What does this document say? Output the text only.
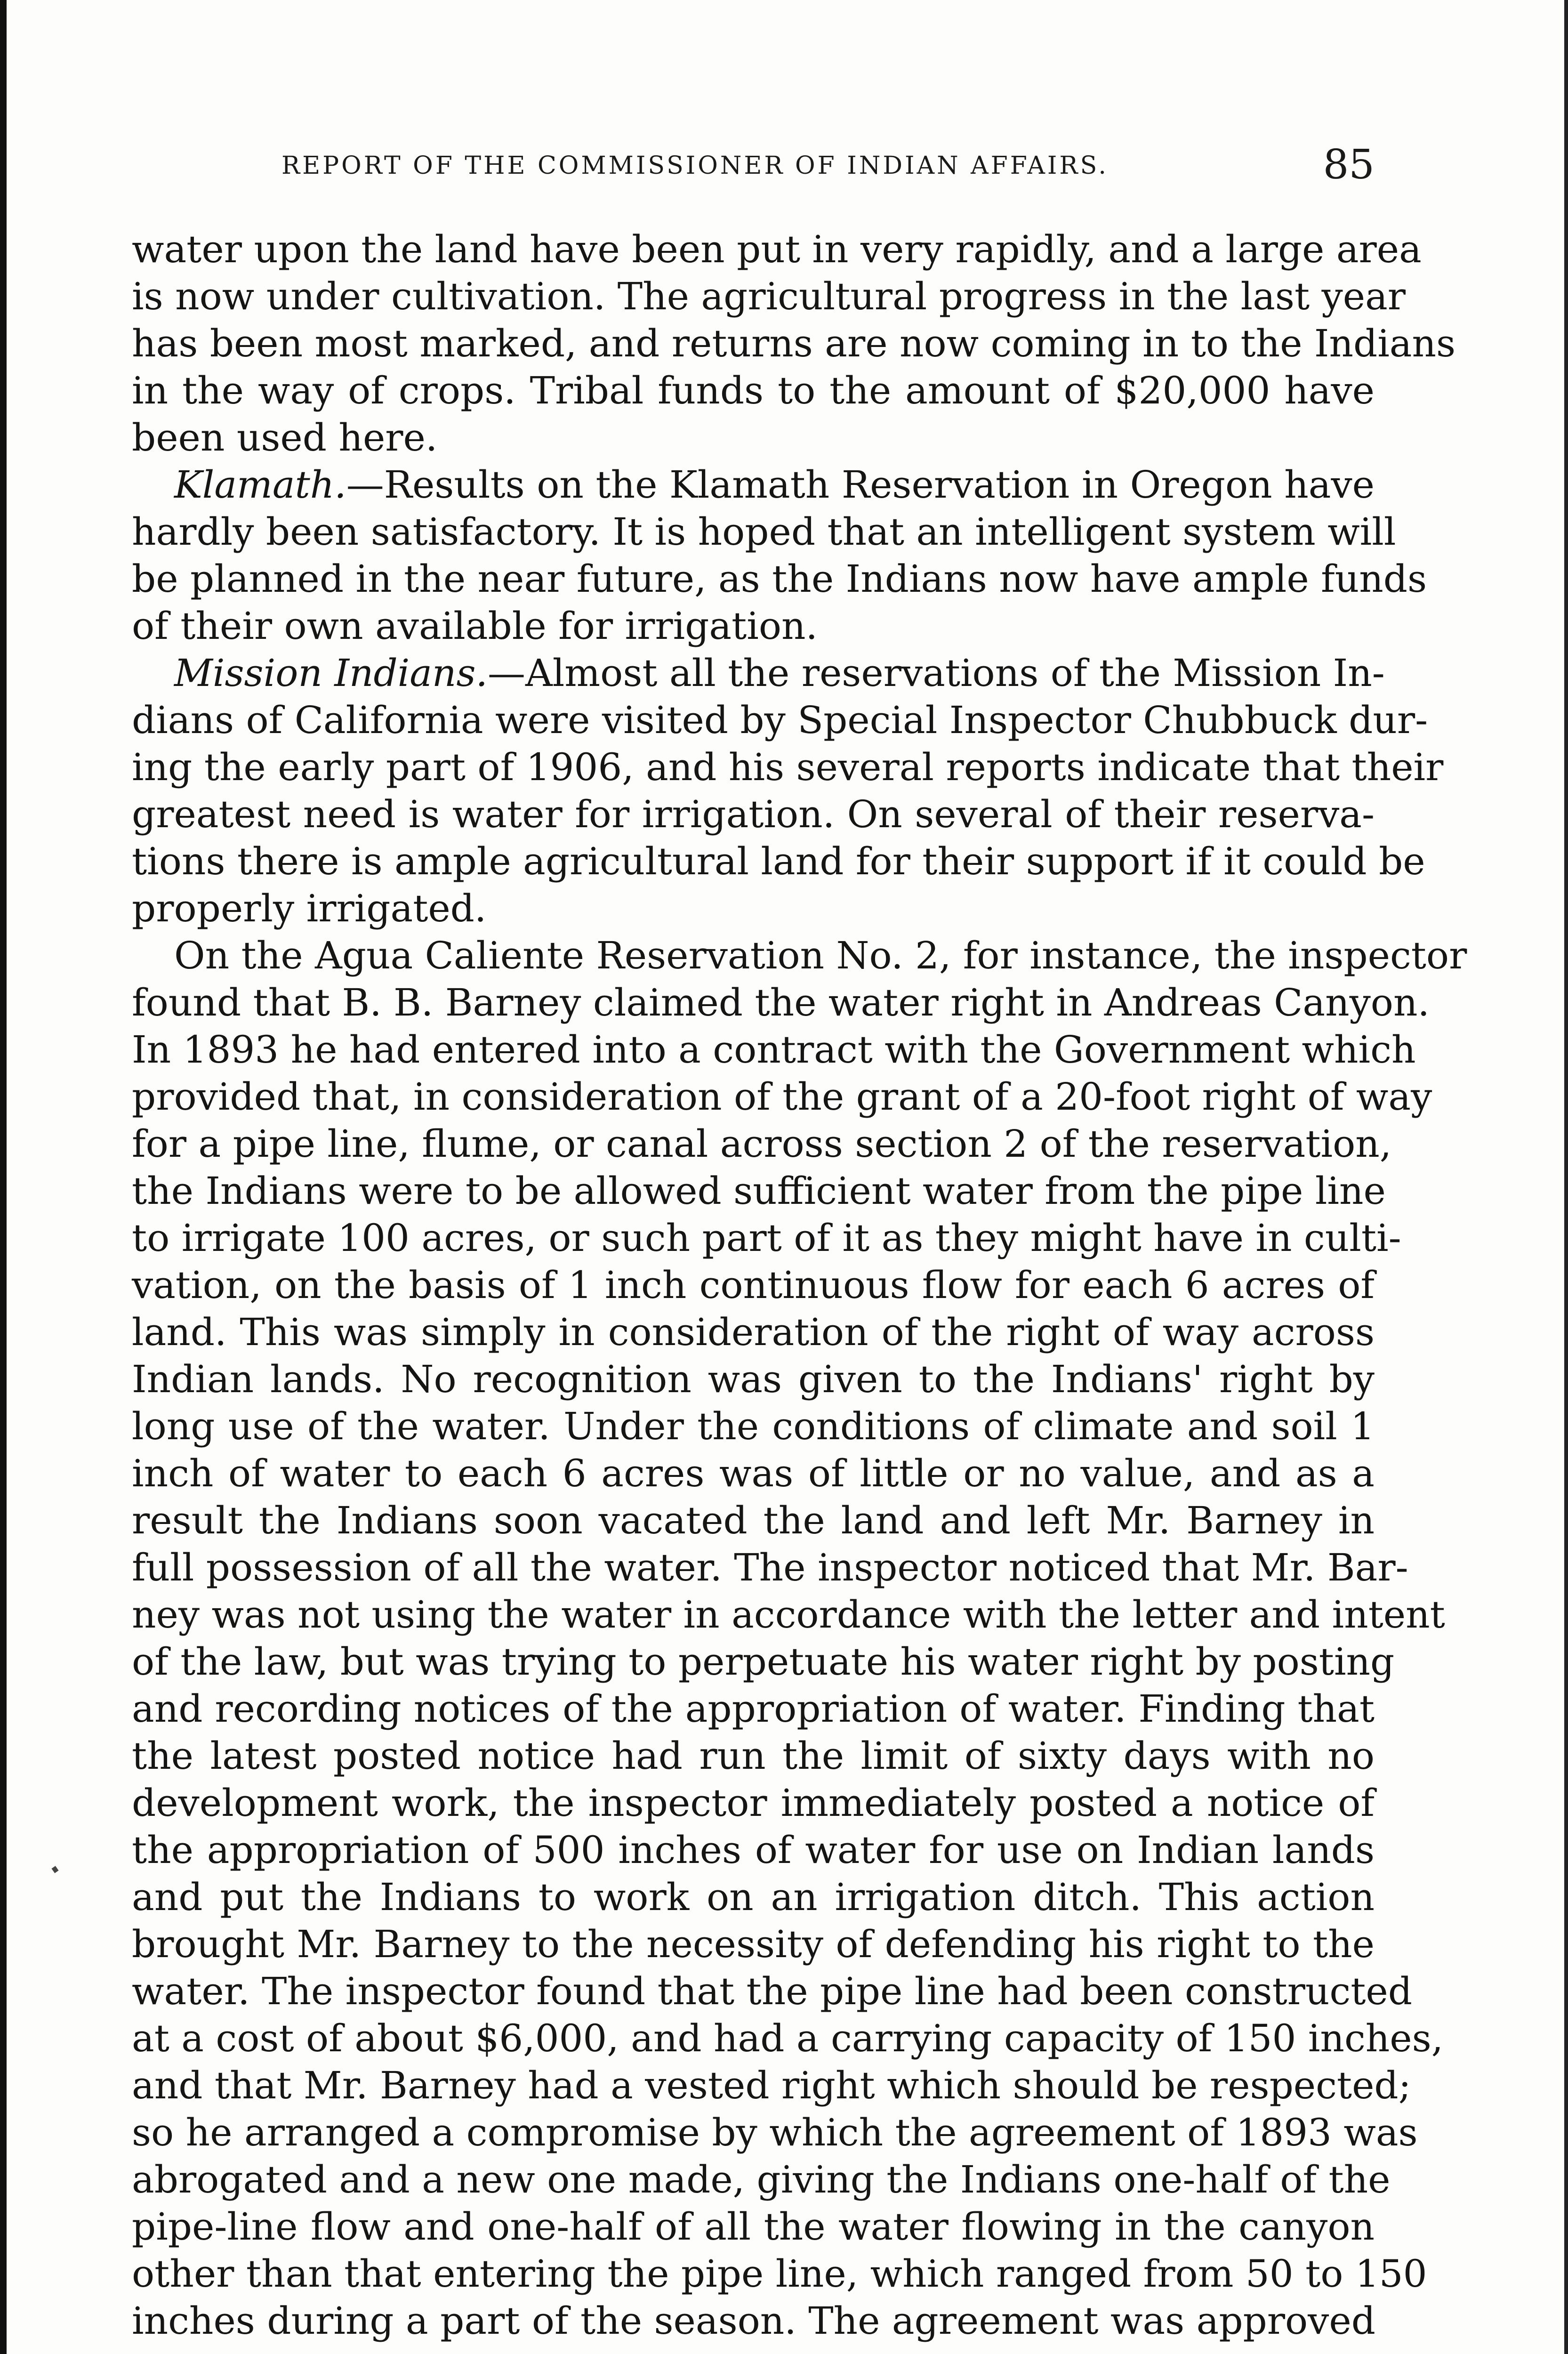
REPORT OF THE COMMISSIONER OF INDIAN AFFAIRS.	85
water upon the land have been put in very rapidly, and a large area
is now under cultivation. The agricultural progress in the last year
has been most marked, and returns are now coming in to the Indians
in the way of crops. Tribal funds to the amount of $20,000 have
been used here.
Klamath.—Results on the Klamath Reservation in Oregon have
hardly been satisfactory. It is hoped that an intelligent system will
be planned in the near future, as the Indians now have ample funds
of their own available for irrigation.
Mission Indians.—Almost all the reservations of the Mission In-
dians of California were visited by Special Inspector Chubbuck dur-
ing the early part of 1906, and his several reports indicate that their
greatest need is water for irrigation. On several of their reserva-
tions there is ample agricultural land for their support if it could be
properly irrigated.
On the Agua Caliente Reservation No. 2, for instance, the inspector
found that B. B. Barney claimed the water right in Andreas Canyon.
In 1893 he had entered into a contract with the Government which
provided that, in consideration of the grant of a 20-foot right of way
for a pipe line, flume, or canal across section 2 of the reservation,
the Indians were to be allowed sufficient water from the pipe line
to irrigate 100 acres, or such part of it as they might have in culti-
vation, on the basis of 1 inch continuous flow for each 6 acres of
land. This was simply in consideration of the right of way across
Indian lands. No recognition was given to the Indians' right by
long use of the water. Under the conditions of climate and soil 1
inch of water to each 6 acres was of little or no value, and as a
result the Indians soon vacated the land and left Mr. Barney in
full possession of all the water. The inspector noticed that Mr. Bar-
ney was not using the water in accordance with the letter and intent
of the law, but was trying to perpetuate his water right by posting
and recording notices of the appropriation of water. Finding that
the latest posted notice had run the limit of sixty days with no
development work, the inspector immediately posted a notice of
the appropriation of 500 inches of water for use on Indian lands
and put the Indians to work on an irrigation ditch. This action
brought Mr. Barney to the necessity of defending his right to the
water. The inspector found that the pipe line had been constructed
at a cost of about $6,000, and had a carrying capacity of 150 inches,
and that Mr. Barney had a vested right which should be respected;
so he arranged a compromise by which the agreement of 1893 was
abrogated and a new one made, giving the Indians one-half of the
pipe-line flow and one-half of all the water flowing in the canyon
other than that entering the pipe line, which ranged from 50 to 150
inches during a part of the season. The agreement was approved
